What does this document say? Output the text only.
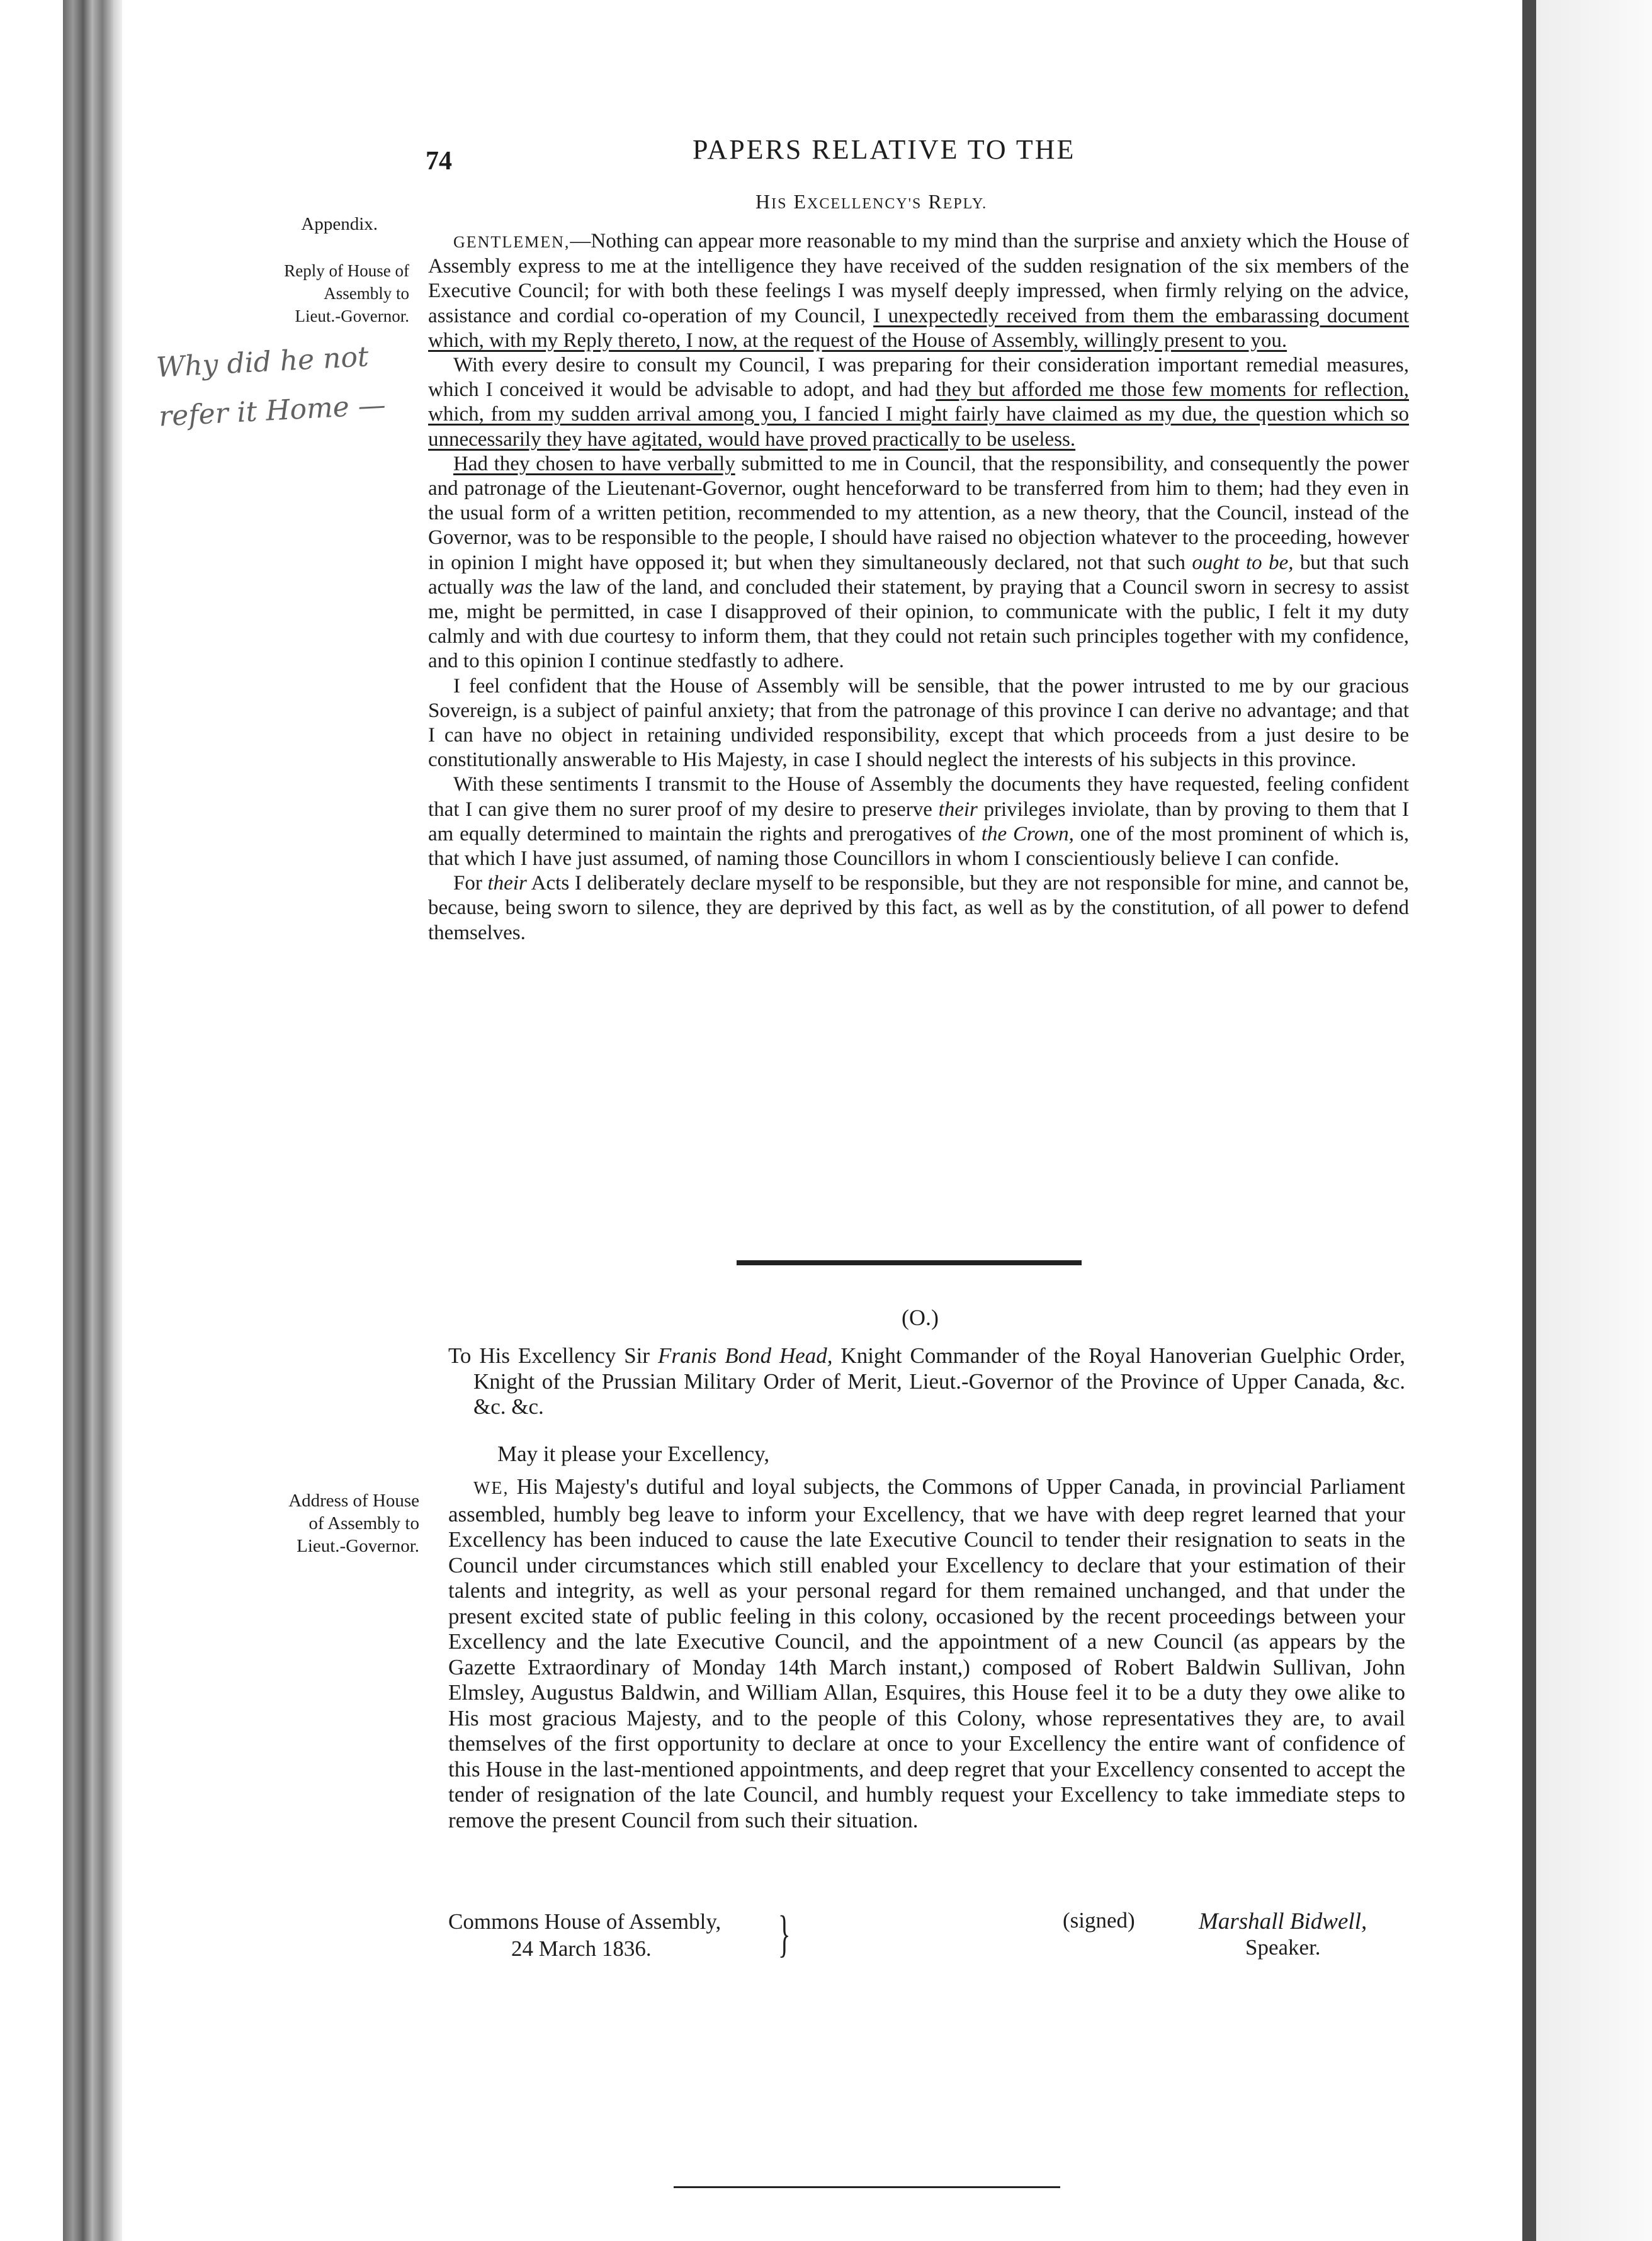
74	PAPERS RELATIVE TO THE
HIS EXCELLENCY'S REPLY.
Appendix.
Reply of House of
Assembly to
Lieut.-Governor.
Why did he not refer it Home —

GENTLEMEN,—Nothing can appear more reasonable to my mind than the surprise and anxiety which the House of Assembly express to me at the intelligence they have received of the sudden resignation of the six members of the Executive Council; for with both these feelings I was myself deeply impressed, when firmly relying on the advice, assistance and cordial co-operation of my Council, I unexpectedly received from them the embarassing document which, with my Reply thereto, I now, at the request of the House of Assembly, willingly present to you.

With every desire to consult my Council, I was preparing for their consideration important remedial measures, which I conceived it would be advisable to adopt, and had they but afforded me those few moments for reflection, which, from my sudden arrival among you, I fancied I might fairly have claimed as my due, the question which so unnecessarily they have agitated, would have proved practically to be useless.

Had they chosen to have verbally submitted to me in Council, that the responsibility, and consequently the power and patronage of the Lieutenant-Governor, ought henceforward to be transferred from him to them; had they even in the usual form of a written petition, recommended to my attention, as a new theory, that the Council, instead of the Governor, was to be responsible to the people, I should have raised no objection whatever to the proceeding, however in opinion I might have opposed it; but when they simultaneously declared, not that such ought to be, but that such actually was the law of the land, and concluded their statement, by praying that a Council sworn in secresy to assist me, might be permitted, in case I disapproved of their opinion, to communicate with the public, I felt it my duty calmly and with due courtesy to inform them, that they could not retain such principles together with my confidence, and to this opinion I continue stedfastly to adhere.

I feel confident that the House of Assembly will be sensible, that the power intrusted to me by our gracious Sovereign, is a subject of painful anxiety; that from the patronage of this province I can derive no advantage; and that I can have no object in retaining undivided responsibility, except that which proceeds from a just desire to be constitutionally answerable to His Majesty, in case I should neglect the interests of his subjects in this province.

With these sentiments I transmit to the House of Assembly the documents they have requested, feeling confident that I can give them no surer proof of my desire to preserve their privileges inviolate, than by proving to them that I am equally determined to maintain the rights and prerogatives of the Crown, one of the most prominent of which is, that which I have just assumed, of naming those Councillors in whom I conscientiously believe I can confide.

For their Acts I deliberately declare myself to be responsible, but they are not responsible for mine, and cannot be, because, being sworn to silence, they are deprived by this fact, as well as by the constitution, of all power to defend themselves.

(O.)

To His Excellency Sir Franis Bond Head, Knight Commander of the Royal Hanoverian Guelphic Order, Knight of the Prussian Military Order of Merit, Lieut.-Governor of the Province of Upper Canada, &c. &c. &c.

May it please your Excellency,
Address of House
of Assembly to
Lieut.-Governor.

WE, His Majesty's dutiful and loyal subjects, the Commons of Upper Canada, in provincial Parliament assembled, humbly beg leave to inform your Excellency, that we have with deep regret learned that your Excellency has been induced to cause the late Executive Council to tender their resignation to seats in the Council under circumstances which still enabled your Excellency to declare that your estimation of their talents and integrity, as well as your personal regard for them remained unchanged, and that under the present excited state of public feeling in this colony, occasioned by the recent proceedings between your Excellency and the late Executive Council, and the appointment of a new Council (as appears by the Gazette Extraordinary of Monday 14th March instant,) composed of Robert Baldwin Sullivan, John Elmsley, Augustus Baldwin, and William Allan, Esquires, this House feel it to be a duty they owe alike to His most gracious Majesty, and to the people of this Colony, whose representatives they are, to avail themselves of the first opportunity to declare at once to your Excellency the entire want of confidence of this House in the last-mentioned appointments, and deep regret that your Excellency consented to accept the tender of resignation of the late Council, and humbly request your Excellency to take immediate steps to remove the present Council from such their situation.

Commons House of Assembly,
24 March 1836.	}	(signed)	Marshall Bidwell,
Speaker.
